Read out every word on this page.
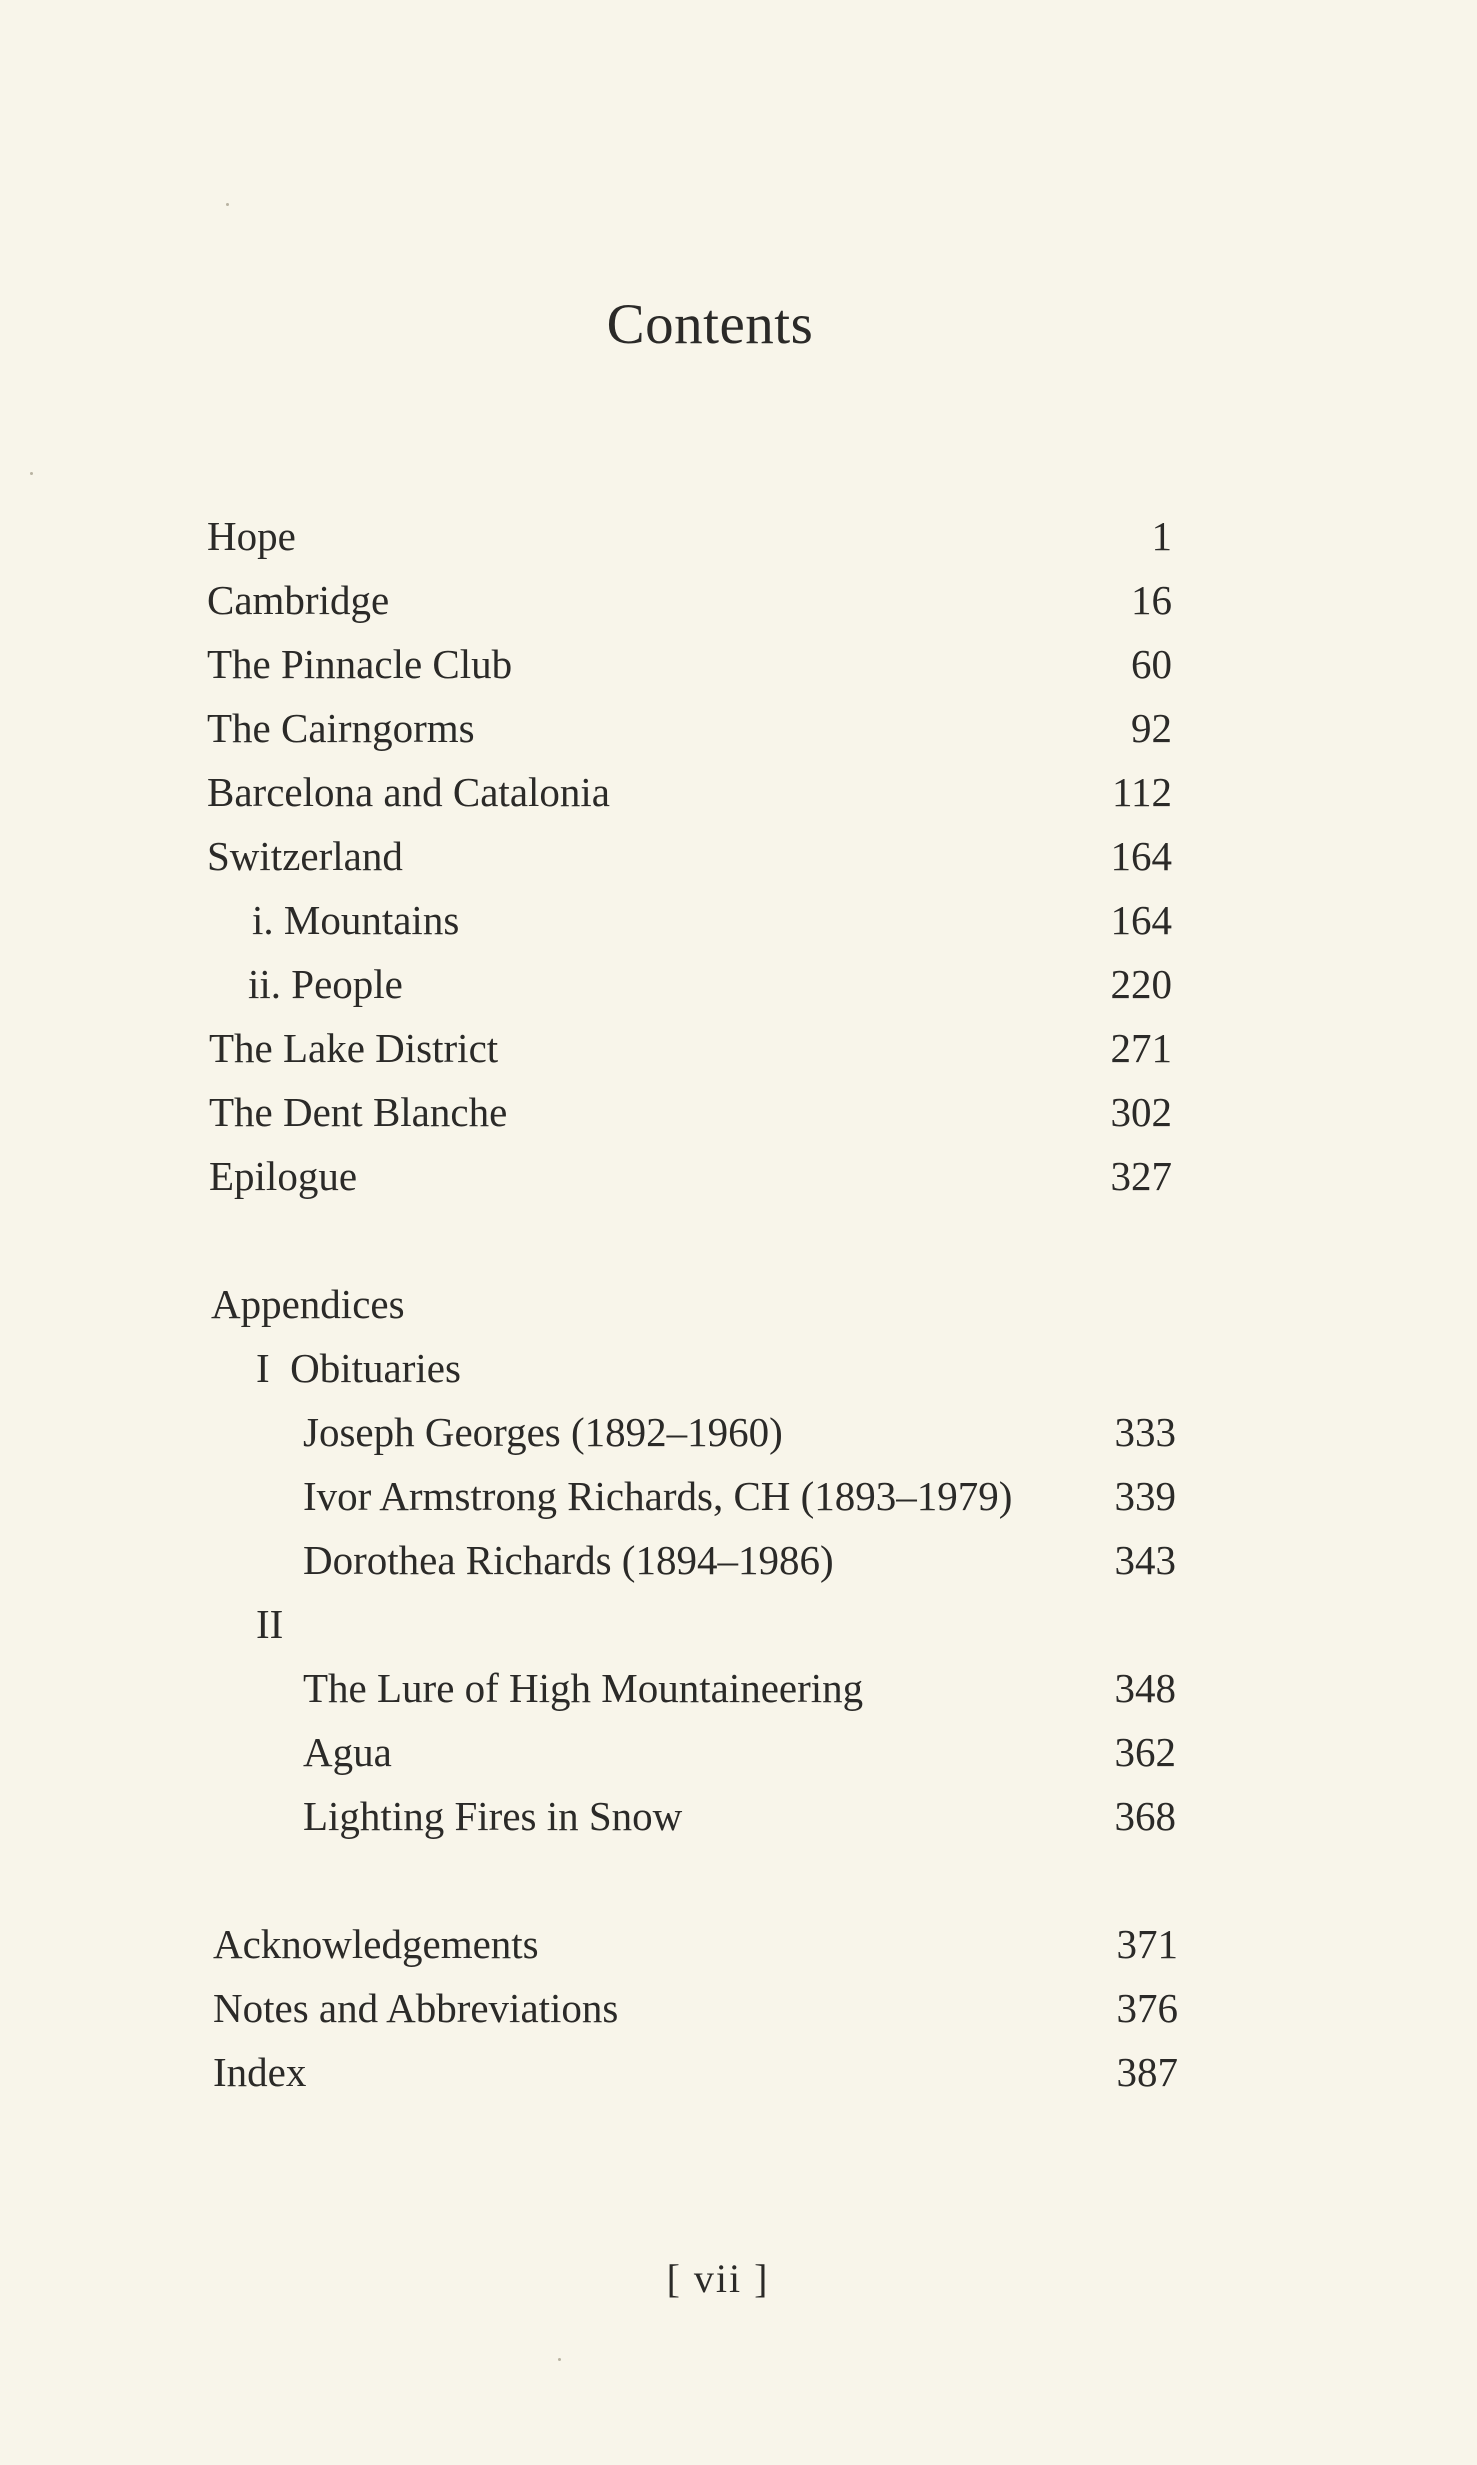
Contents
Hope	1
Cambridge	16
The Pinnacle Club	60
The Cairngorms	92
Barcelona and Catalonia	112
Switzerland	164
i. Mountains	164
ii. People	220
The Lake District	271
The Dent Blanche	302
Epilogue	327
Appendices
I  Obituaries
Joseph Georges (1892–1960)	333
Ivor Armstrong Richards, CH (1893–1979)	339
Dorothea Richards (1894–1986)	343
II
The Lure of High Mountaineering	348
Agua	362
Lighting Fires in Snow	368
Acknowledgements	371
Notes and Abbreviations	376
Index	387
[ vii ]
